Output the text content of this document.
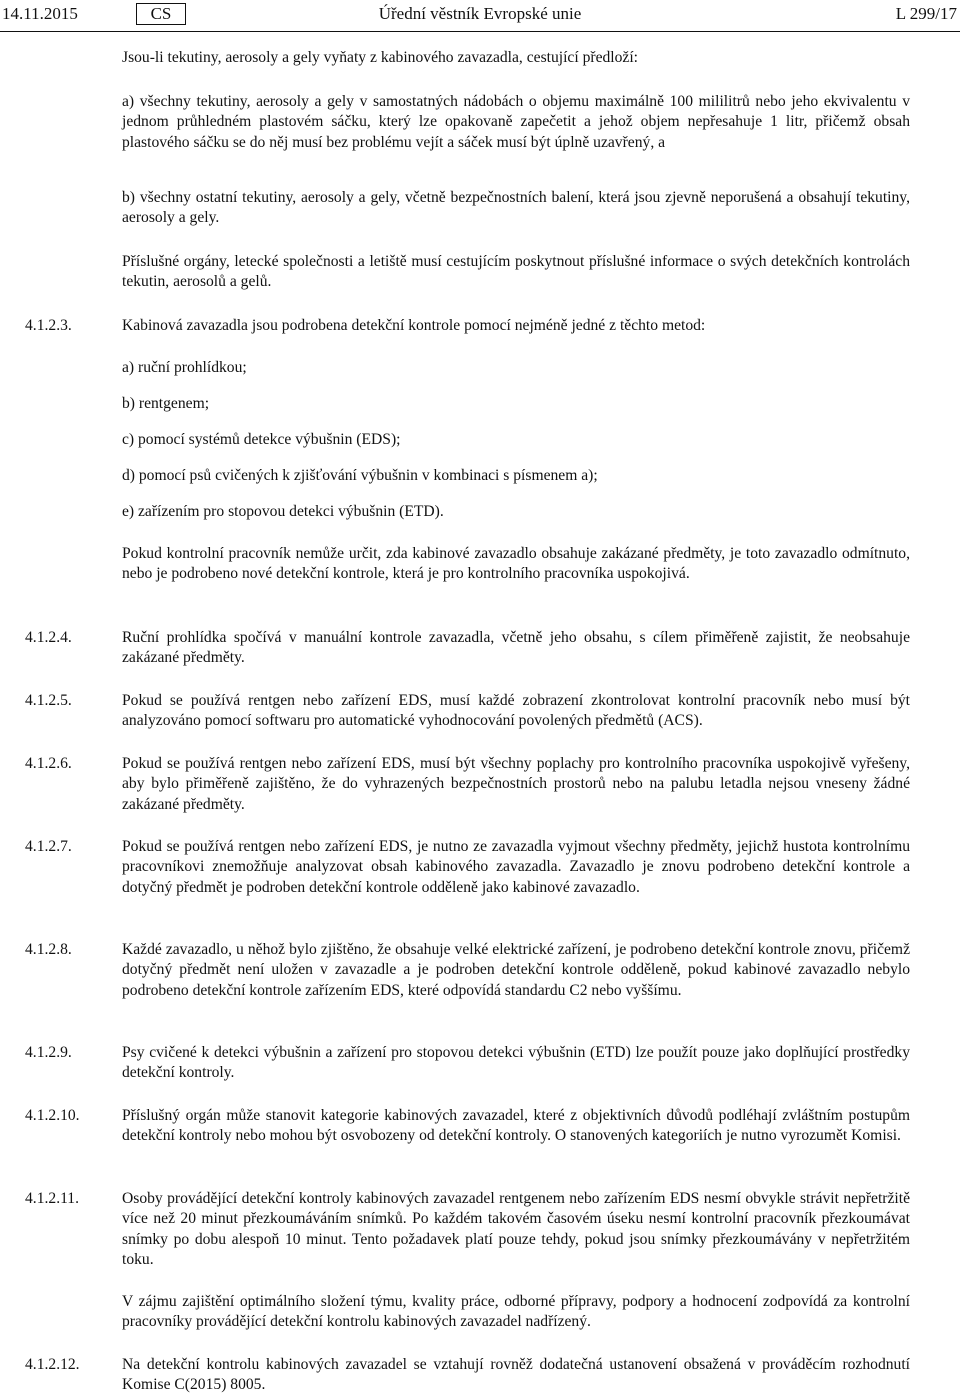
14.11.2015	CS	Úřední věstník Evropské unie	L 299/17
Jsou-li tekutiny, aerosoly a gely vyňaty z kabinového zavazadla, cestující předloží:
a) všechny tekutiny, aerosoly a gely v samostatných nádobách o objemu maximálně 100 mililitrů nebo jeho ekvivalentu v jednom průhledném plastovém sáčku, který lze opakovaně zapečetit a jehož objem nepřesahuje 1 litr, přičemž obsah plastového sáčku se do něj musí bez problému vejít a sáček musí být úplně uzavřený, a
b) všechny ostatní tekutiny, aerosoly a gely, včetně bezpečnostních balení, která jsou zjevně neporušená a obsahují tekutiny, aerosoly a gely.
Příslušné orgány, letecké společnosti a letiště musí cestujícím poskytnout příslušné informace o svých detekčních kontrolách tekutin, aerosolů a gelů.
4.1.2.3.	Kabinová zavazadla jsou podrobena detekční kontrole pomocí nejméně jedné z těchto metod:
a) ruční prohlídkou;
b) rentgenem;
c) pomocí systémů detekce výbušnin (EDS);
d) pomocí psů cvičených k zjišťování výbušnin v kombinaci s písmenem a);
e) zařízením pro stopovou detekci výbušnin (ETD).
Pokud kontrolní pracovník nemůže určit, zda kabinové zavazadlo obsahuje zakázané předměty, je toto zavazadlo odmítnuto, nebo je podrobeno nové detekční kontrole, která je pro kontrolního pracovníka uspokojivá.
4.1.2.4.	Ruční prohlídka spočívá v manuální kontrole zavazadla, včetně jeho obsahu, s cílem přiměřeně zajistit, že neobsahuje zakázané předměty.
4.1.2.5.	Pokud se používá rentgen nebo zařízení EDS, musí každé zobrazení zkontrolovat kontrolní pracovník nebo musí být analyzováno pomocí softwaru pro automatické vyhodnocování povolených předmětů (ACS).
4.1.2.6.	Pokud se používá rentgen nebo zařízení EDS, musí být všechny poplachy pro kontrolního pracovníka uspokojivě vyřešeny, aby bylo přiměřeně zajištěno, že do vyhrazených bezpečnostních prostorů nebo na palubu letadla nejsou vneseny žádné zakázané předměty.
4.1.2.7.	Pokud se používá rentgen nebo zařízení EDS, je nutno ze zavazadla vyjmout všechny předměty, jejichž hustota kontrolnímu pracovníkovi znemožňuje analyzovat obsah kabinového zavazadla. Zavazadlo je znovu podrobeno detekční kontrole a dotyčný předmět je podroben detekční kontrole odděleně jako kabinové zavazadlo.
4.1.2.8.	Každé zavazadlo, u něhož bylo zjištěno, že obsahuje velké elektrické zařízení, je podrobeno detekční kontrole znovu, přičemž dotyčný předmět není uložen v zavazadle a je podroben detekční kontrole odděleně, pokud kabinové zavazadlo nebylo podrobeno detekční kontrole zařízením EDS, které odpovídá standardu C2 nebo vyššímu.
4.1.2.9.	Psy cvičené k detekci výbušnin a zařízení pro stopovou detekci výbušnin (ETD) lze použít pouze jako doplňující prostředky detekční kontroly.
4.1.2.10.	Příslušný orgán může stanovit kategorie kabinových zavazadel, které z objektivních důvodů podléhají zvláštním postupům detekční kontroly nebo mohou být osvobozeny od detekční kontroly. O stanovených kategoriích je nutno vyrozumět Komisi.
4.1.2.11.	Osoby provádějící detekční kontroly kabinových zavazadel rentgenem nebo zařízením EDS nesmí obvykle strávit nepřetržitě více než 20 minut přezkoumáváním snímků. Po každém takovém časovém úseku nesmí kontrolní pracovník přezkoumávat snímky po dobu alespoň 10 minut. Tento požadavek platí pouze tehdy, pokud jsou snímky přezkoumávány v nepřetržitém toku.
V zájmu zajištění optimálního složení týmu, kvality práce, odborné přípravy, podpory a hodnocení zodpovídá za kontrolní pracovníky provádějící detekční kontrolu kabinových zavazadel nadřízený.
4.1.2.12.	Na detekční kontrolu kabinových zavazadel se vztahují rovněž dodatečná ustanovení obsažená v prováděcím rozhodnutí Komise C(2015) 8005.
